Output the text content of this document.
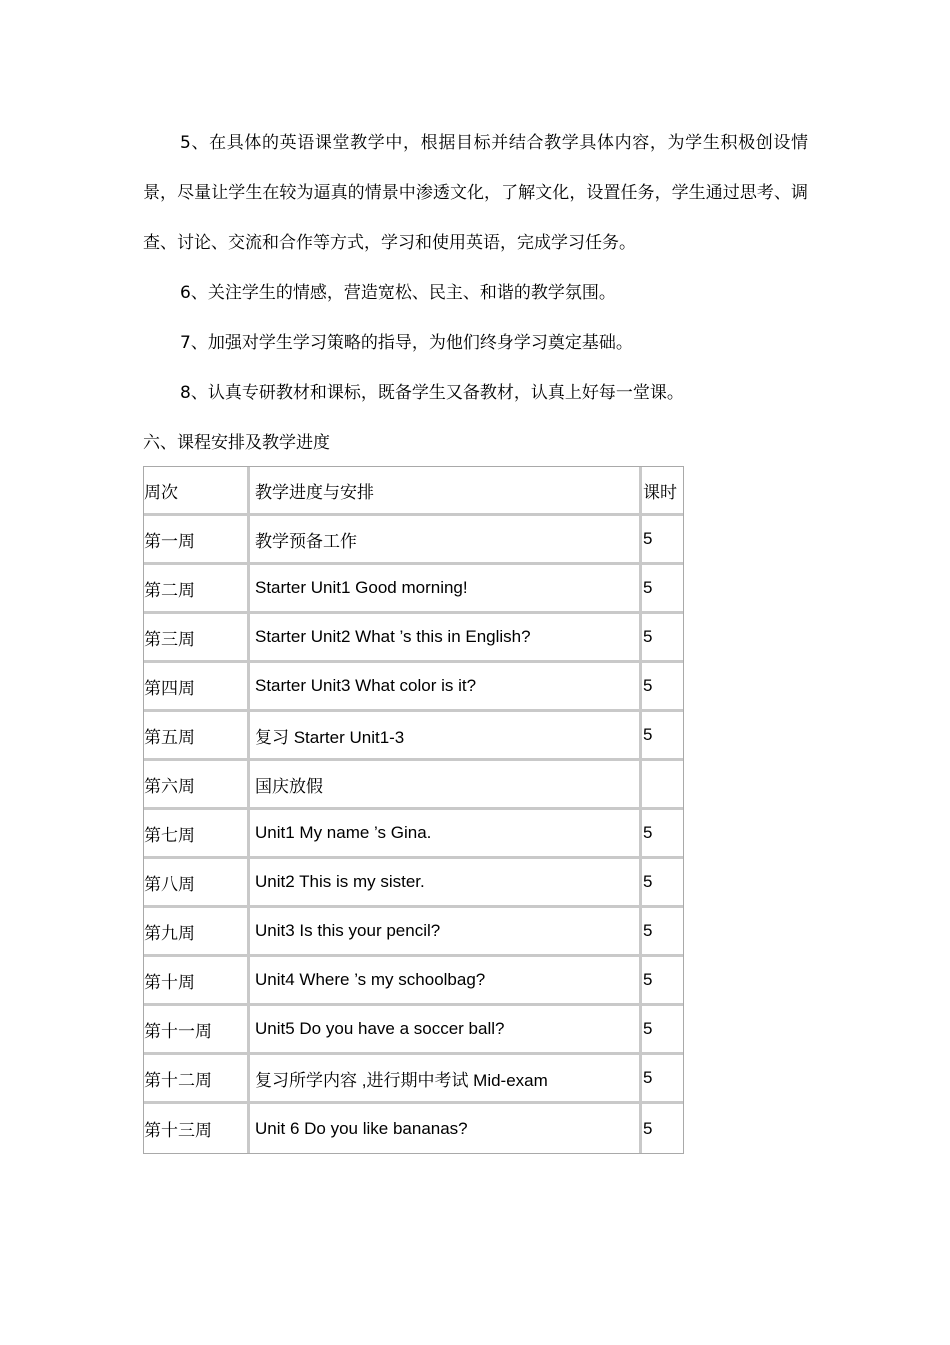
5、在具体的英语课堂教学中，根据目标并结合教学具体内容，为学生积极创设情景，尽量让学生在较为逼真的情景中渗透文化，了解文化，设置任务，学生通过思考、调查、讨论、交流和合作等方式，学习和使用英语，完成学习任务。

6、关注学生的情感，营造宽松、民主、和谐的教学氛围。

7、加强对学生学习策略的指导，为他们终身学习奠定基础。

8、认真专研教材和课标，既备学生又备教材，认真上好每一堂课。

六、课程安排及教学进度

周次	教学进度与安排	课时
第一周	教学预备工作	5
第二周	Starter Unit1 Good morning!	5
第三周	Starter Unit2 What ’s this in English?	5
第四周	Starter Unit3 What color is it?	5
第五周	复习 Starter Unit1-3	5
第六周	国庆放假	
第七周	Unit1 My name ’s Gina.	5
第八周	Unit2 This is my sister.	5
第九周	Unit3 Is this your pencil?	5
第十周	Unit4 Where ’s my schoolbag?	5
第十一周	Unit5 Do you have a soccer ball?	5
第十二周	复习所学内容 ,进行期中考试 Mid-exam	5
第十三周	Unit 6 Do you like bananas?	5
